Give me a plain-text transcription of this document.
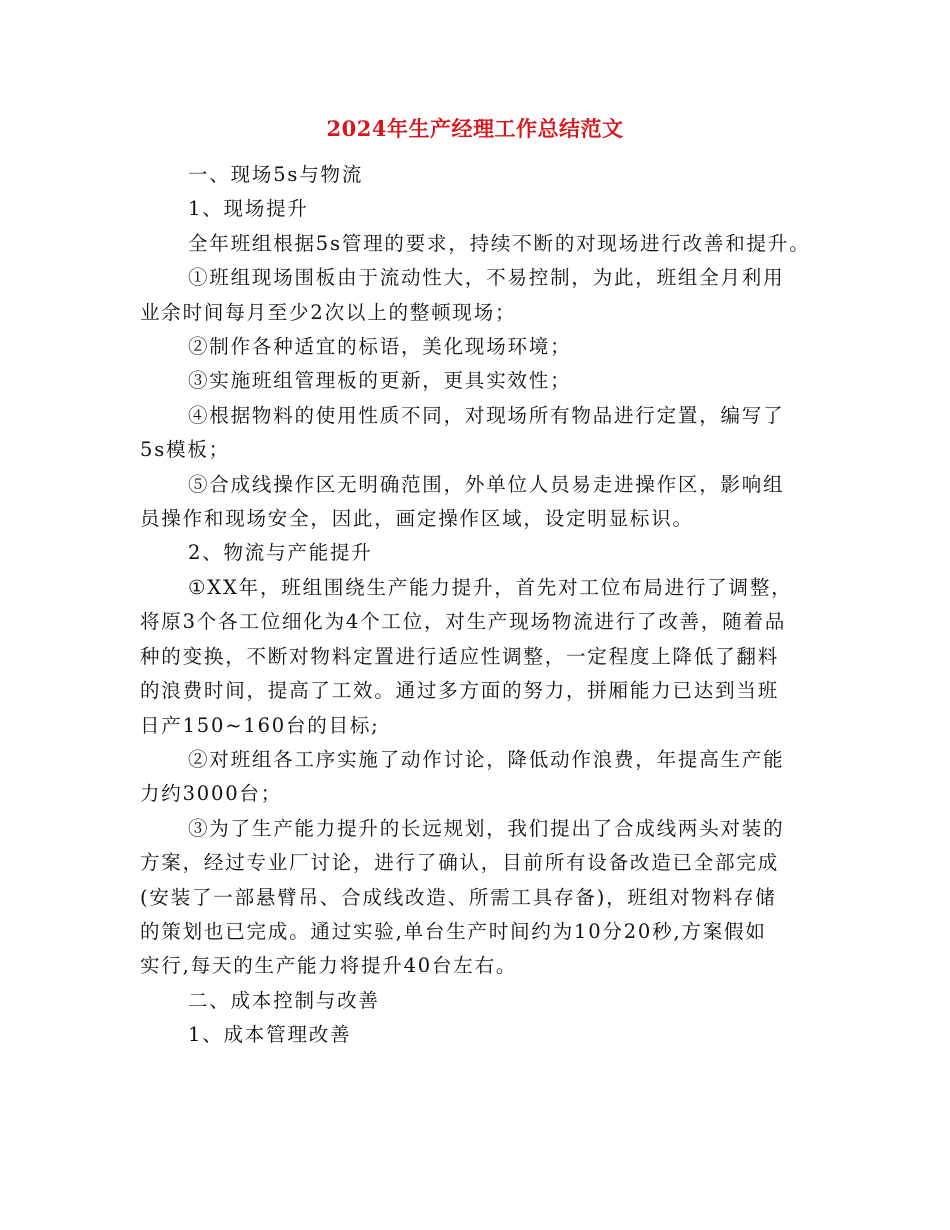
2024年生产经理工作总结范文

一、现场5s与物流

1、现场提升

全年班组根据5s管理的要求，持续不断的对现场进行改善和提升。

①班组现场围板由于流动性大，不易控制，为此，班组全月利用

业余时间每月至少2次以上的整顿现场；

②制作各种适宜的标语，美化现场环境；

③实施班组管理板的更新，更具实效性；

④根据物料的使用性质不同，对现场所有物品进行定置，编写了

5s模板；

⑤合成线操作区无明确范围，外单位人员易走进操作区，影响组

员操作和现场安全，因此，画定操作区域，设定明显标识。

2、物流与产能提升

①XX年，班组围绕生产能力提升，首先对工位布局进行了调整，

将原3个各工位细化为4个工位，对生产现场物流进行了改善，随着品

种的变换，不断对物料定置进行适应性调整，一定程度上降低了翻料

的浪费时间，提高了工效。通过多方面的努力，拼厢能力已达到当班

日产150~160台的目标;

②对班组各工序实施了动作讨论，降低动作浪费，年提高生产能

力约3000台；

③为了生产能力提升的长远规划，我们提出了合成线两头对装的

方案，经过专业厂讨论，进行了确认，目前所有设备改造已全部完成

(安装了一部悬臂吊、合成线改造、所需工具存备)，班组对物料存储

的策划也已完成。通过实验,单台生产时间约为10分20秒,方案假如

实行,每天的生产能力将提升40台左右。

二、成本控制与改善

1、成本管理改善
